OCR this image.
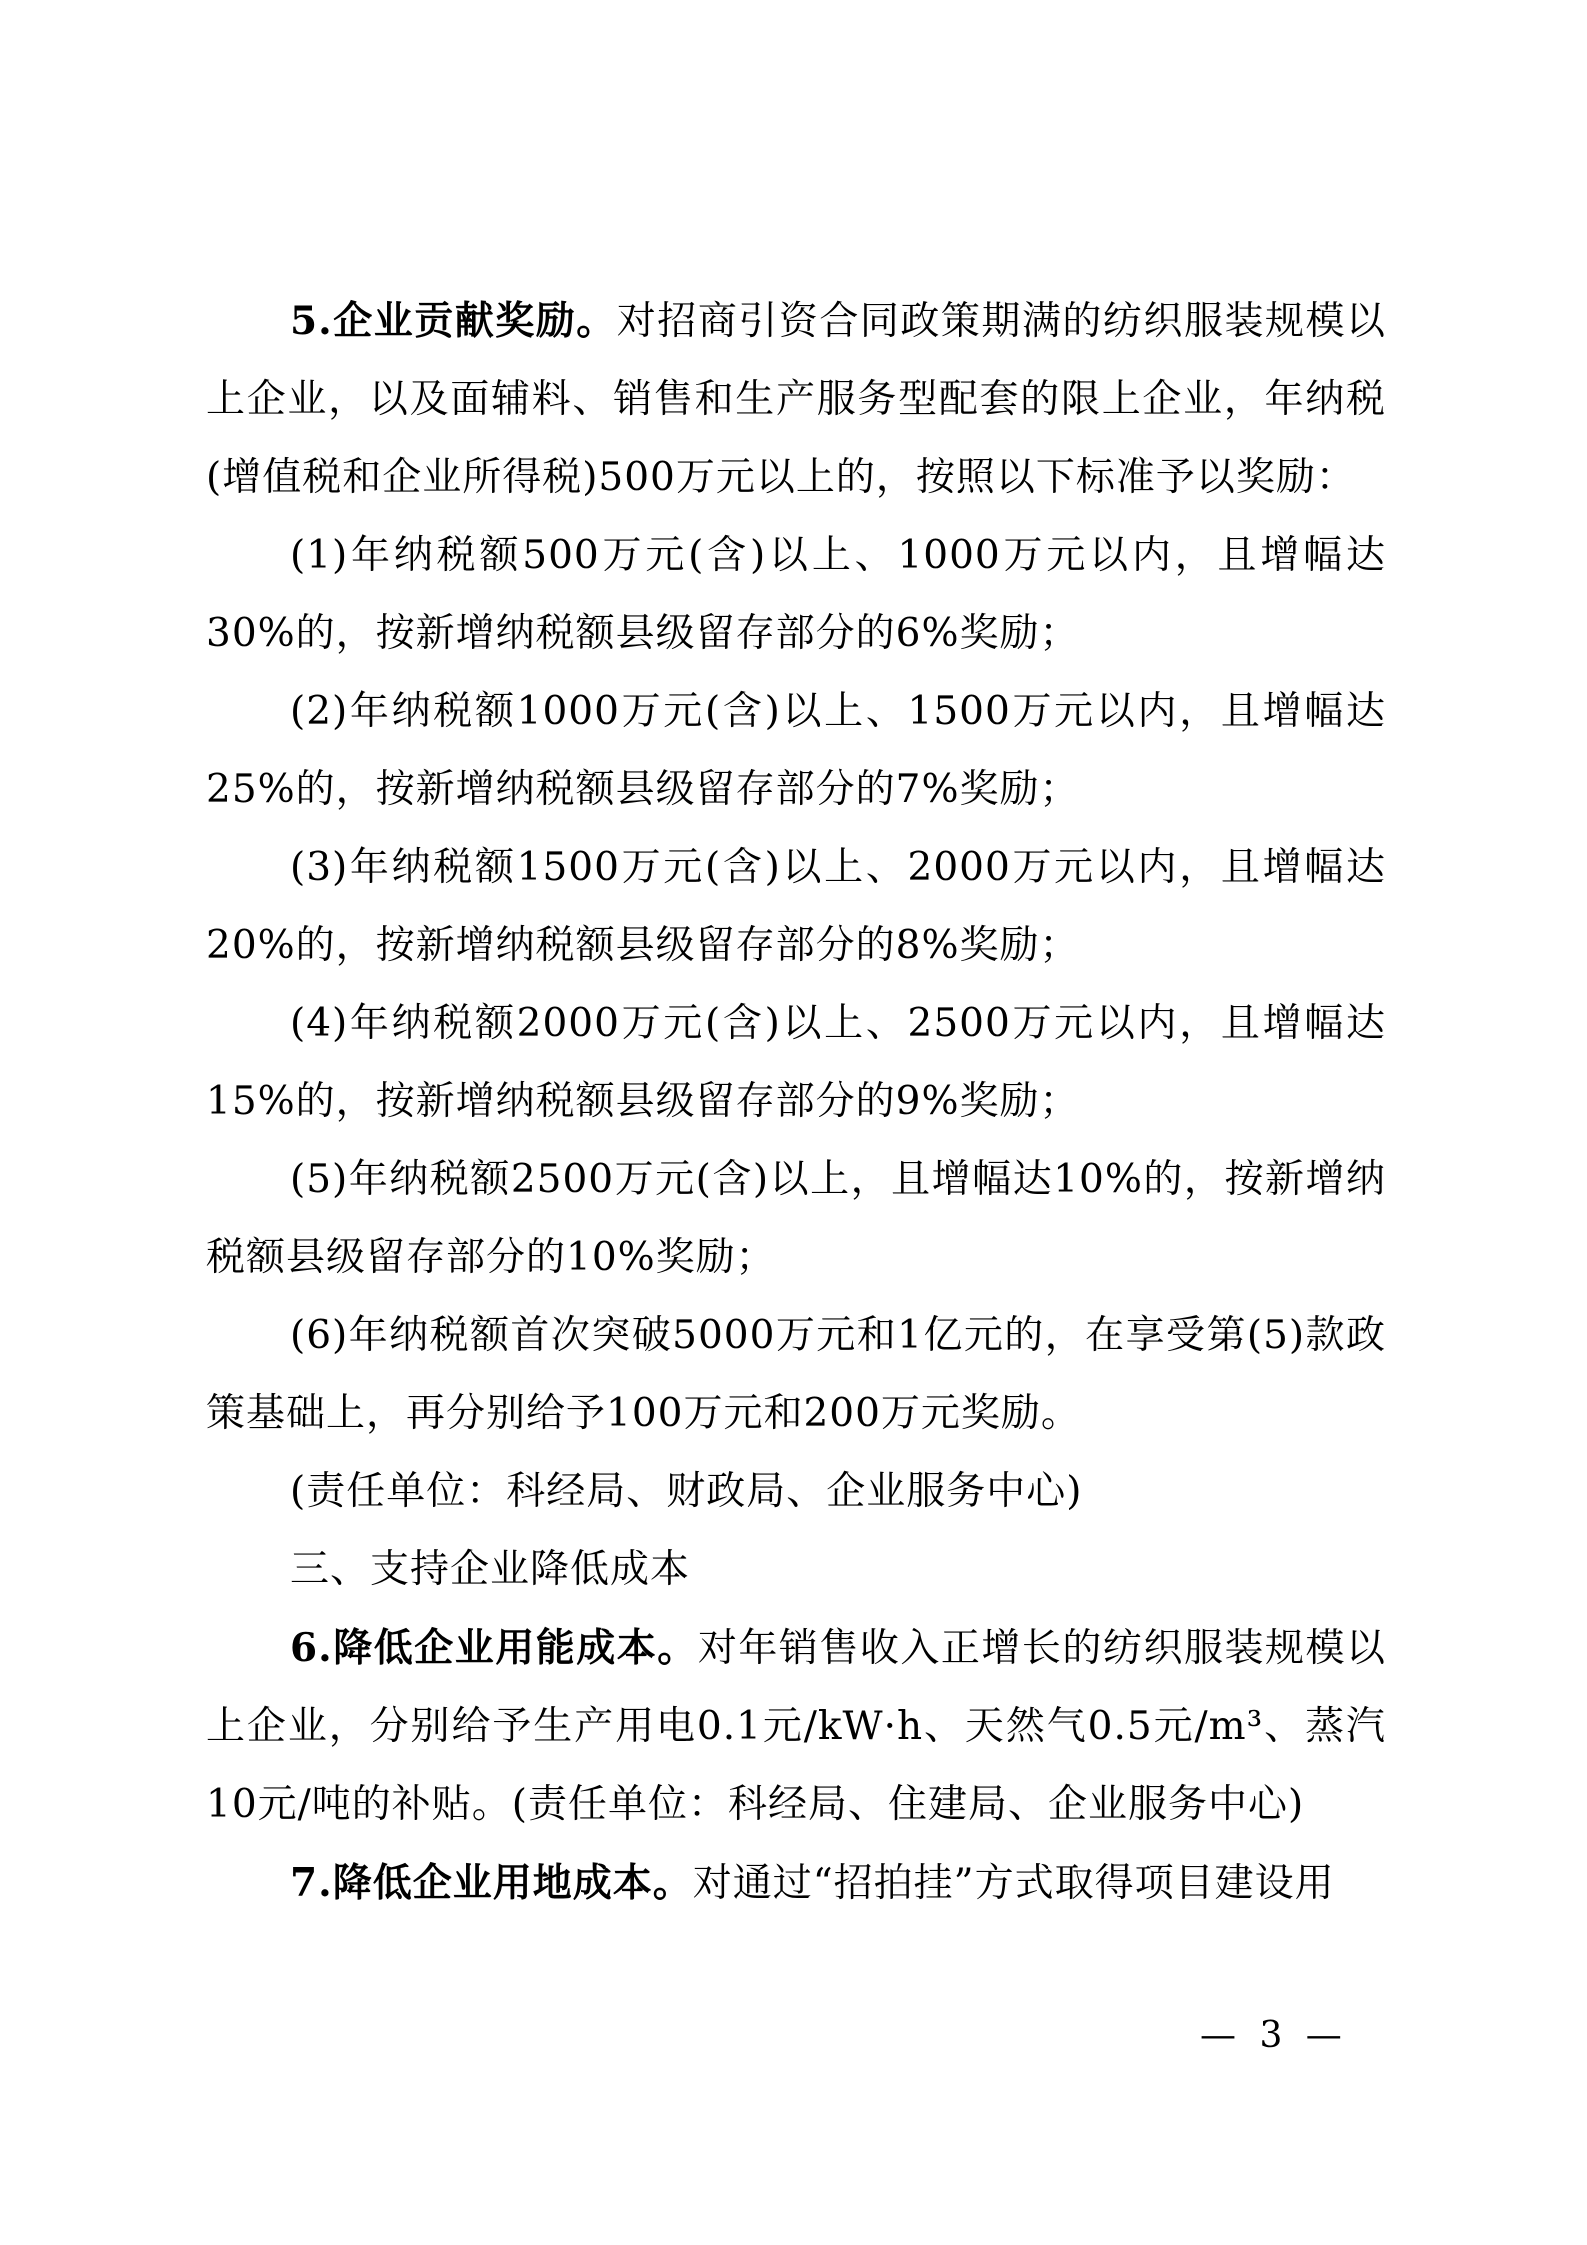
5.企业贡献奖励。对招商引资合同政策期满的纺织服装规模以上企业，以及面辅料、销售和生产服务型配套的限上企业，年纳税(增值税和企业所得税)500万元以上的，按照以下标准予以奖励：

(1)年纳税额500万元(含)以上、1000万元以内，且增幅达30%的，按新增纳税额县级留存部分的6%奖励；

(2)年纳税额1000万元(含)以上、1500万元以内，且增幅达25%的，按新增纳税额县级留存部分的7%奖励；

(3)年纳税额1500万元(含)以上、2000万元以内，且增幅达20%的，按新增纳税额县级留存部分的8%奖励；

(4)年纳税额2000万元(含)以上、2500万元以内，且增幅达15%的，按新增纳税额县级留存部分的9%奖励；

(5)年纳税额2500万元(含)以上，且增幅达10%的，按新增纳税额县级留存部分的10%奖励；

(6)年纳税额首次突破5000万元和1亿元的，在享受第(5)款政策基础上，再分别给予100万元和200万元奖励。

(责任单位：科经局、财政局、企业服务中心)

三、支持企业降低成本

6.降低企业用能成本。对年销售收入正增长的纺织服装规模以上企业，分别给予生产用电0.1元/kW·h、天然气0.5元/m³、蒸汽10元/吨的补贴。(责任单位：科经局、住建局、企业服务中心)

7.降低企业用地成本。对通过“招拍挂”方式取得项目建设用

— 3 —
